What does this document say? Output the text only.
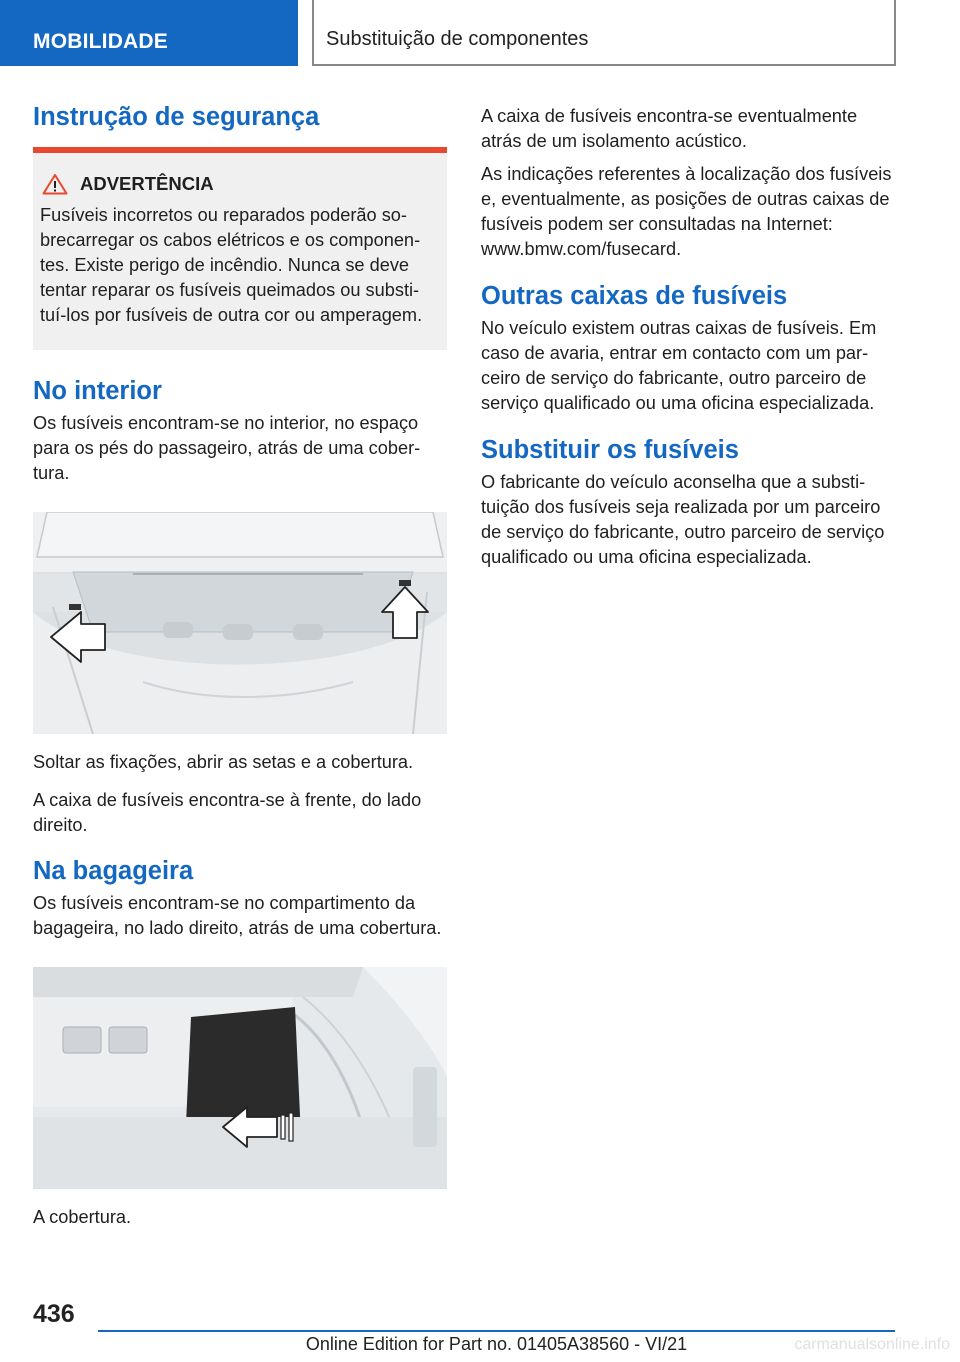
MOBILIDADE	Substituição de componentes
Instrução de segurança
ADVERTÊNCIA

Fusíveis incorretos ou reparados poderão sobrecarregar os cabos elétricos e os componentes. Existe perigo de incêndio. Nunca se deve tentar reparar os fusíveis queimados ou substituí-los por fusíveis de outra cor ou amperagem.

No interior

Os fusíveis encontram-se no interior, no espaço para os pés do passageiro, atrás de uma cobertura.

Soltar as fixações, abrir as setas e a cobertura.

A caixa de fusíveis encontra-se à frente, do lado direito.

Na bagageira

Os fusíveis encontram-se no compartimento da bagageira, no lado direito, atrás de uma cobertura.

A cobertura.

A caixa de fusíveis encontra-se eventualmente atrás de um isolamento acústico.

As indicações referentes à localização dos fusíveis e, eventualmente, as posições de outras caixas de fusíveis podem ser consultadas na Internet: www.bmw.com/fusecard.

Outras caixas de fusíveis

No veículo existem outras caixas de fusíveis. Em caso de avaria, entrar em contacto com um parceiro de serviço do fabricante, outro parceiro de serviço qualificado ou uma oficina especializada.

Substituir os fusíveis

O fabricante do veículo aconselha que a substituição dos fusíveis seja realizada por um parceiro de serviço do fabricante, outro parceiro de serviço qualificado ou uma oficina especializada.

436
Online Edition for Part no. 01405A38560 - VI/21	carmanualsonline.info
